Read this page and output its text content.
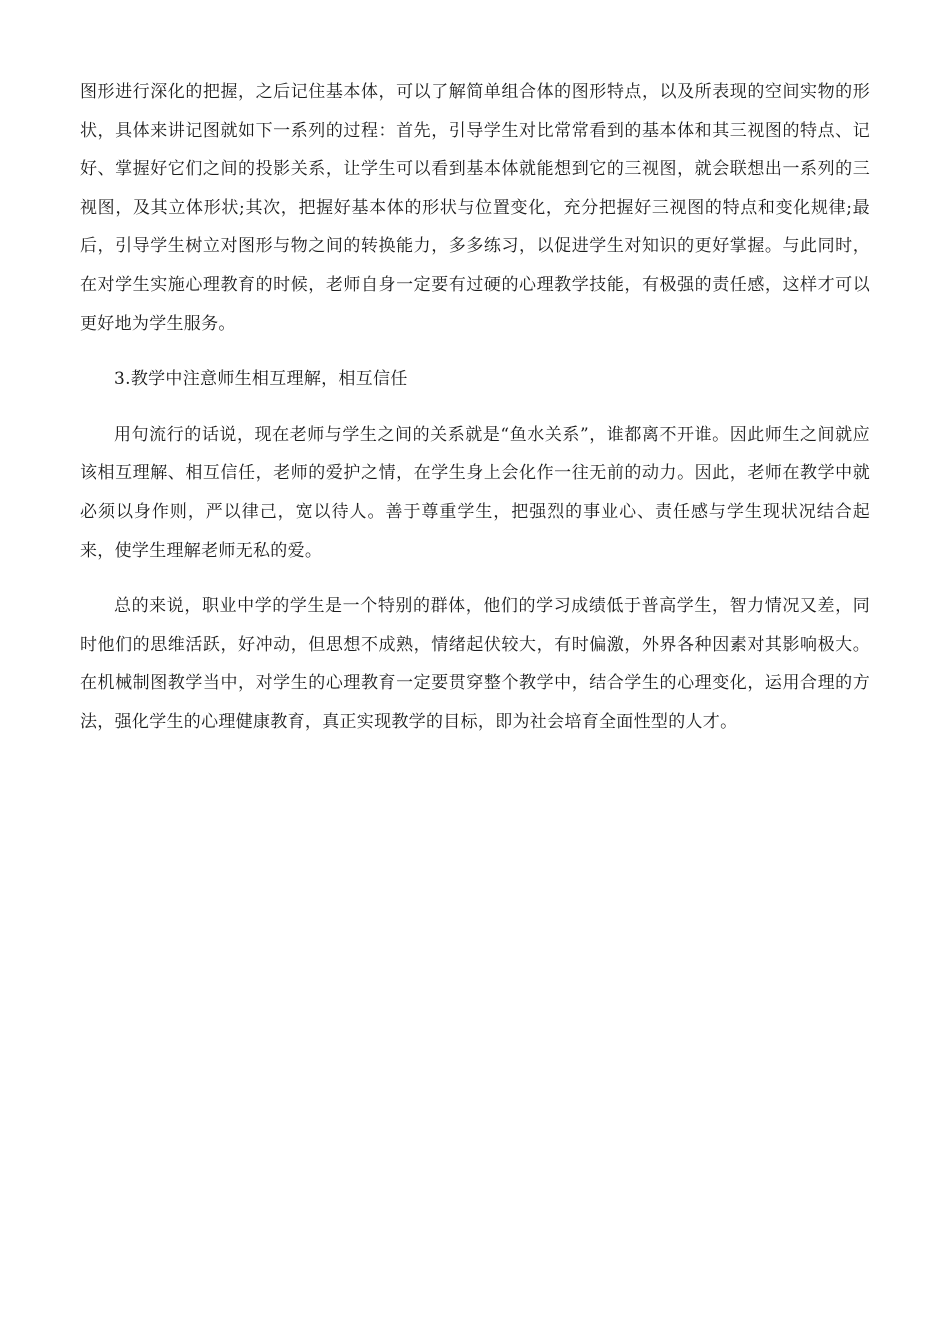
图形进行深化的把握，之后记住基本体，可以了解简单组合体的图形特点，以及所表现的空间实物的形状，具体来讲记图就如下一系列的过程：首先，引导学生对比常常看到的基本体和其三视图的特点、记好、掌握好它们之间的投影关系，让学生可以看到基本体就能想到它的三视图，就会联想出一系列的三视图，及其立体形状;其次，把握好基本体的形状与位置变化，充分把握好三视图的特点和变化规律;最后，引导学生树立对图形与物之间的转换能力，多多练习，以促进学生对知识的更好掌握。与此同时，在对学生实施心理教育的时候，老师自身一定要有过硬的心理教学技能，有极强的责任感，这样才可以更好地为学生服务。

3.教学中注意师生相互理解，相互信任

用句流行的话说，现在老师与学生之间的关系就是“鱼水关系”，谁都离不开谁。因此师生之间就应该相互理解、相互信任，老师的爱护之情，在学生身上会化作一往无前的动力。因此，老师在教学中就必须以身作则，严以律己，宽以待人。善于尊重学生，把强烈的事业心、责任感与学生现状况结合起来，使学生理解老师无私的爱。

总的来说，职业中学的学生是一个特别的群体，他们的学习成绩低于普高学生，智力情况又差，同时他们的思维活跃，好冲动，但思想不成熟，情绪起伏较大，有时偏激，外界各种因素对其影响极大。在机械制图教学当中，对学生的心理教育一定要贯穿整个教学中，结合学生的心理变化，运用合理的方法，强化学生的心理健康教育，真正实现教学的目标，即为社会培育全面性型的人才。
